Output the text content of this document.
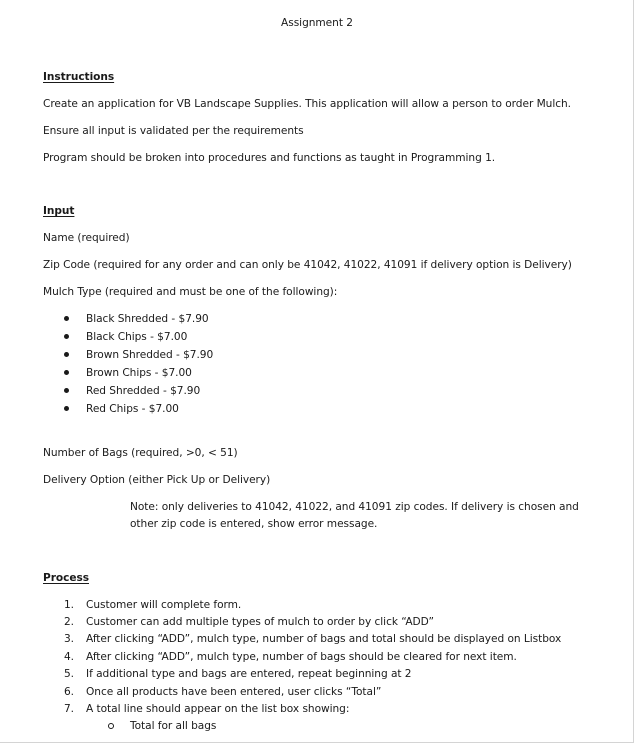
Assignment 2
Instructions
Create an application for VB Landscape Supplies. This application will allow a person to order Mulch.
Ensure all input is validated per the requirements
Program should be broken into procedures and functions as taught in Programming 1.
Input
Name (required)
Zip Code (required for any order and can only be 41042, 41022, 41091 if delivery option is Delivery)
Mulch Type (required and must be one of the following):
Black Shredded - $7.90
Black Chips - $7.00
Brown Shredded - $7.90
Brown Chips - $7.00
Red Shredded - $7.90
Red Chips - $7.00
Number of Bags (required, >0, < 51)
Delivery Option (either Pick Up or Delivery)
Note: only deliveries to 41042, 41022, and 41091 zip codes. If delivery is chosen and
other zip code is entered, show error message.
Process
1. Customer will complete form.
2. Customer can add multiple types of mulch to order by click “ADD”
3. After clicking “ADD”, mulch type, number of bags and total should be displayed on Listbox
4. After clicking “ADD”, mulch type, number of bags should be cleared for next item.
5. If additional type and bags are entered, repeat beginning at 2
6. Once all products have been entered, user clicks “Total”
7. A total line should appear on the list box showing:
Total for all bags
